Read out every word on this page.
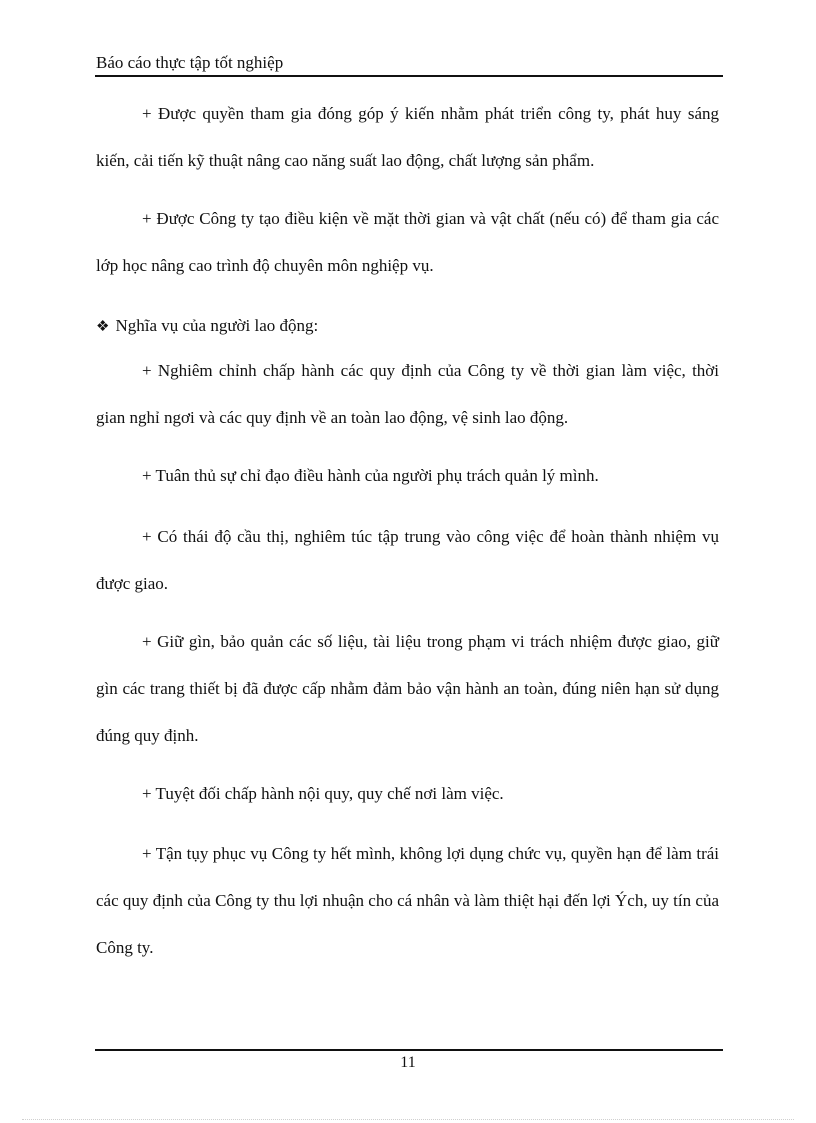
Báo cáo thực tập tốt nghiệp

+ Được quyền tham gia đóng góp ý kiến nhằm phát triển công ty, phát huy sáng kiến, cải tiến kỹ thuật nâng cao năng suất lao động, chất lượng sản phẩm.

+ Được Công ty tạo điều kiện về mặt thời gian và vật chất (nếu có) để tham gia các lớp học nâng cao trình độ chuyên môn nghiệp vụ.

❖ Nghĩa vụ của người lao động:

+ Nghiêm chỉnh chấp hành các quy định của Công ty về thời gian làm việc, thời gian nghỉ ngơi và các quy định về an toàn lao động, vệ sinh lao động.

+ Tuân thủ sự chỉ đạo điều hành của người phụ trách quản lý mình.

+ Có thái độ cầu thị, nghiêm túc tập trung vào công việc để hoàn thành nhiệm vụ được giao.

+ Giữ gìn, bảo quản các số liệu, tài liệu trong phạm vi trách nhiệm được giao, giữ gìn các trang thiết bị đã được cấp nhằm đảm bảo vận hành an toàn, đúng niên hạn sử dụng đúng quy định.

+ Tuyệt đối chấp hành nội quy, quy chế nơi làm việc.

+ Tận tụy phục vụ Công ty hết mình, không lợi dụng chức vụ, quyền hạn để làm trái các quy định của Công ty thu lợi nhuận cho cá nhân và làm thiệt hại đến lợi Ých, uy tín của Công ty.

11
